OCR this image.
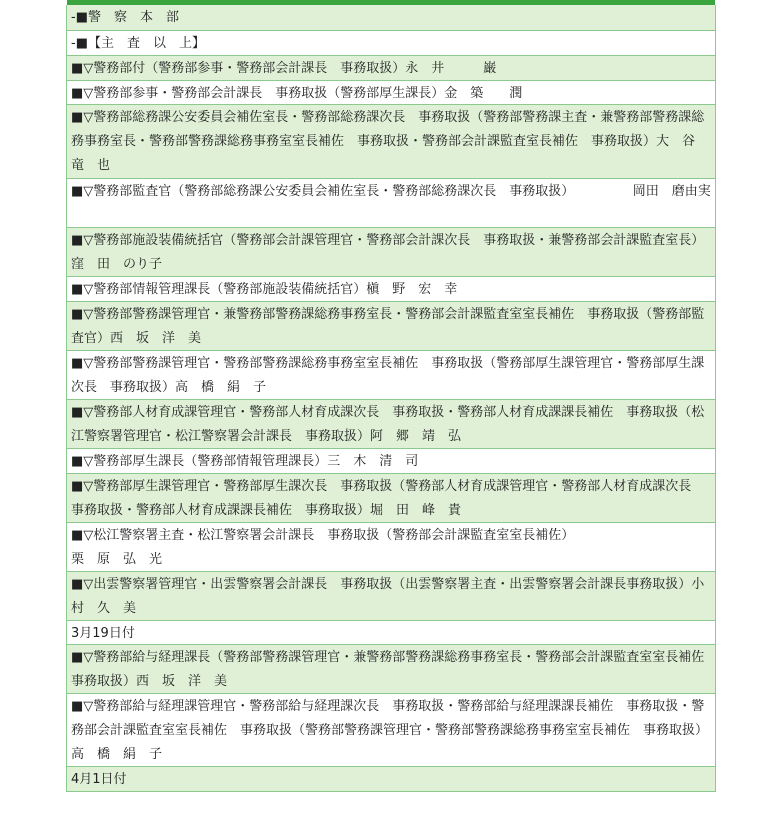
-■警　察　本　部
-■【主　査　以　上】
■▽警務部付（警務部参事・警務部会計課長　事務取扱）永　井　　　巌
■▽警務部参事・警務部会計課長　事務取扱（警務部厚生課長）金　築　　潤
■▽警務部総務課公安委員会補佐室長・警務部総務課次長　事務取扱（警務部警務課主査・兼警務部警務課総務事務室長・警務部警務課総務事務室室長補佐　事務取扱・警務部会計課監査室長補佐　事務取扱）大　谷　竜　也
■▽警務部監査官（警務部総務課公安委員会補佐室長・警務部総務課次長　事務取扱）　　　　　岡田　磨由実
■▽警務部施設装備統括官（警務部会計課管理官・警務部会計課次長　事務取扱・兼警務部会計課監査室長）窪　田　のり子
■▽警務部情報管理課長（警務部施設装備統括官）槇　野　宏　幸
■▽警務部警務課管理官・兼警務部警務課総務事務室長・警務部会計課監査室室長補佐　事務取扱（警務部監査官）西　坂　洋　美
■▽警務部警務課管理官・警務部警務課総務事務室室長補佐　事務取扱（警務部厚生課管理官・警務部厚生課次長　事務取扱）高　橋　絹　子
■▽警務部人材育成課管理官・警務部人材育成課次長　事務取扱・警務部人材育成課課長補佐　事務取扱（松江警察署管理官・松江警察署会計課長　事務取扱）阿　郷　靖　弘
■▽警務部厚生課長（警務部情報管理課長）三　木　清　司
■▽警務部厚生課管理官・警務部厚生課次長　事務取扱（警務部人材育成課管理官・警務部人材育成課次長　事務取扱・警務部人材育成課課長補佐　事務取扱）堀　田　峰　貴
■▽松江警察署主査・松江警察署会計課長　事務取扱（警務部会計課監査室室長補佐）
栗　原　弘　光
■▽出雲警察署管理官・出雲警察署会計課長　事務取扱（出雲警察署主査・出雲警察署会計課長事務取扱）小　村　久　美
3月19日付
■▽警務部給与経理課長（警務部警務課管理官・兼警務部警務課総務事務室長・警務部会計課監査室室長補佐　事務取扱）西　坂　洋　美
■▽警務部給与経理課管理官・警務部給与経理課次長　事務取扱・警務部給与経理課課長補佐　事務取扱・警務部会計課監査室室長補佐　事務取扱（警務部警務課管理官・警務部警務課総務事務室室長補佐　事務取扱）高　橋　絹　子
4月1日付
